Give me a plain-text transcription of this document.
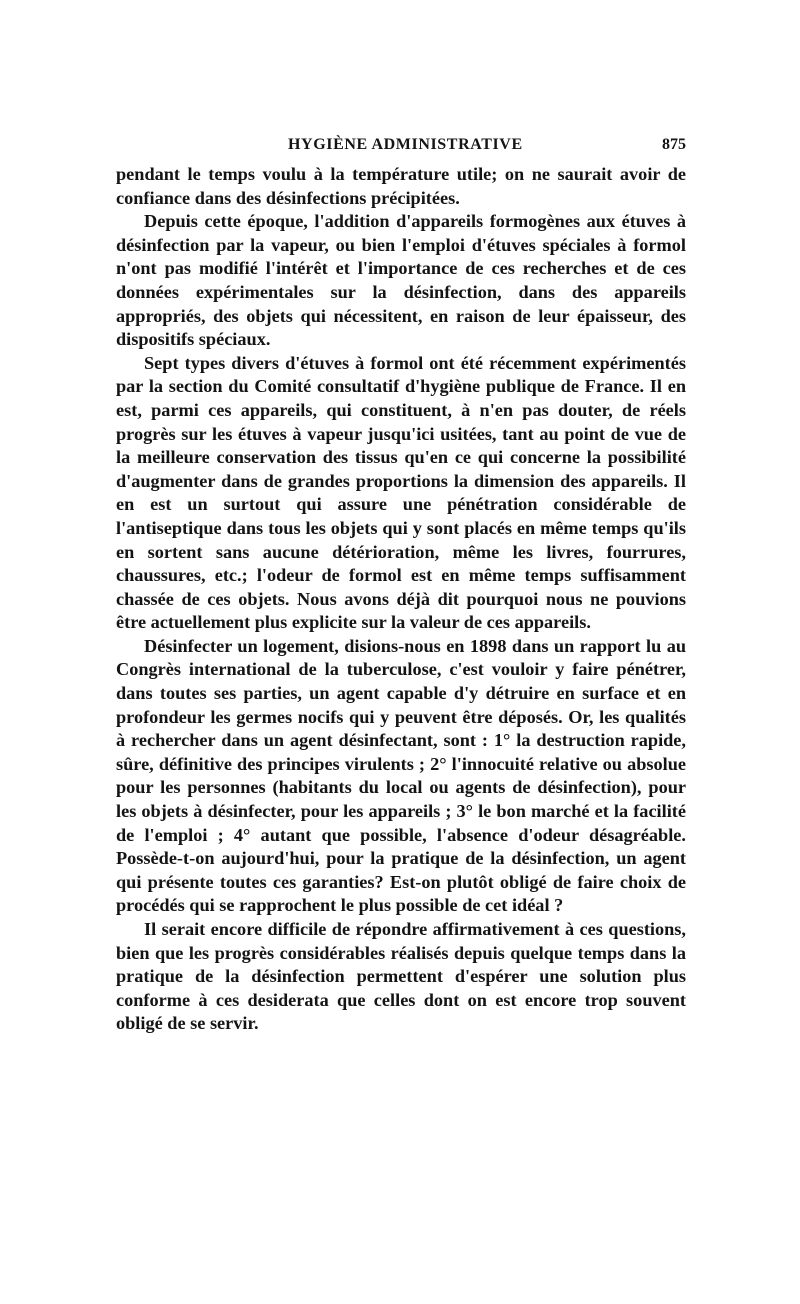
HYGIÈNE ADMINISTRATIVE	875

pendant le temps voulu à la température utile; on ne saurait avoir de confiance dans des désinfections précipitées.

Depuis cette époque, l'addition d'appareils formogènes aux étuves à désinfection par la vapeur, ou bien l'emploi d'étuves spéciales à formol n'ont pas modifié l'intérêt et l'importance de ces recherches et de ces données expérimentales sur la désinfection, dans des appareils appropriés, des objets qui nécessitent, en raison de leur épaisseur, des dispositifs spéciaux.

Sept types divers d'étuves à formol ont été récemment expérimentés par la section du Comité consultatif d'hygiène publique de France. Il en est, parmi ces appareils, qui constituent, à n'en pas douter, de réels progrès sur les étuves à vapeur jusqu'ici usitées, tant au point de vue de la meilleure conservation des tissus qu'en ce qui concerne la possibilité d'augmenter dans de grandes proportions la dimension des appareils. Il en est un surtout qui assure une pénétration considérable de l'antiseptique dans tous les objets qui y sont placés en même temps qu'ils en sortent sans aucune détérioration, même les livres, fourrures, chaussures, etc.; l'odeur de formol est en même temps suffisamment chassée de ces objets. Nous avons déjà dit pourquoi nous ne pouvions être actuellement plus explicite sur la valeur de ces appareils.

Désinfecter un logement, disions-nous en 1898 dans un rapport lu au Congrès international de la tuberculose, c'est vouloir y faire pénétrer, dans toutes ses parties, un agent capable d'y détruire en surface et en profondeur les germes nocifs qui y peuvent être déposés. Or, les qualités à rechercher dans un agent désinfectant, sont : 1° la destruction rapide, sûre, définitive des principes virulents ; 2° l'innocuité relative ou absolue pour les personnes (habitants du local ou agents de désinfection), pour les objets à désinfecter, pour les appareils ; 3° le bon marché et la facilité de l'emploi ; 4° autant que possible, l'absence d'odeur désagréable. Possède-t-on aujourd'hui, pour la pratique de la désinfection, un agent qui présente toutes ces garanties? Est-on plutôt obligé de faire choix de procédés qui se rapprochent le plus possible de cet idéal ?

Il serait encore difficile de répondre affirmativement à ces questions, bien que les progrès considérables réalisés depuis quelque temps dans la pratique de la désinfection permettent d'espérer une solution plus conforme à ces desiderata que celles dont on est encore trop souvent obligé de se servir.
